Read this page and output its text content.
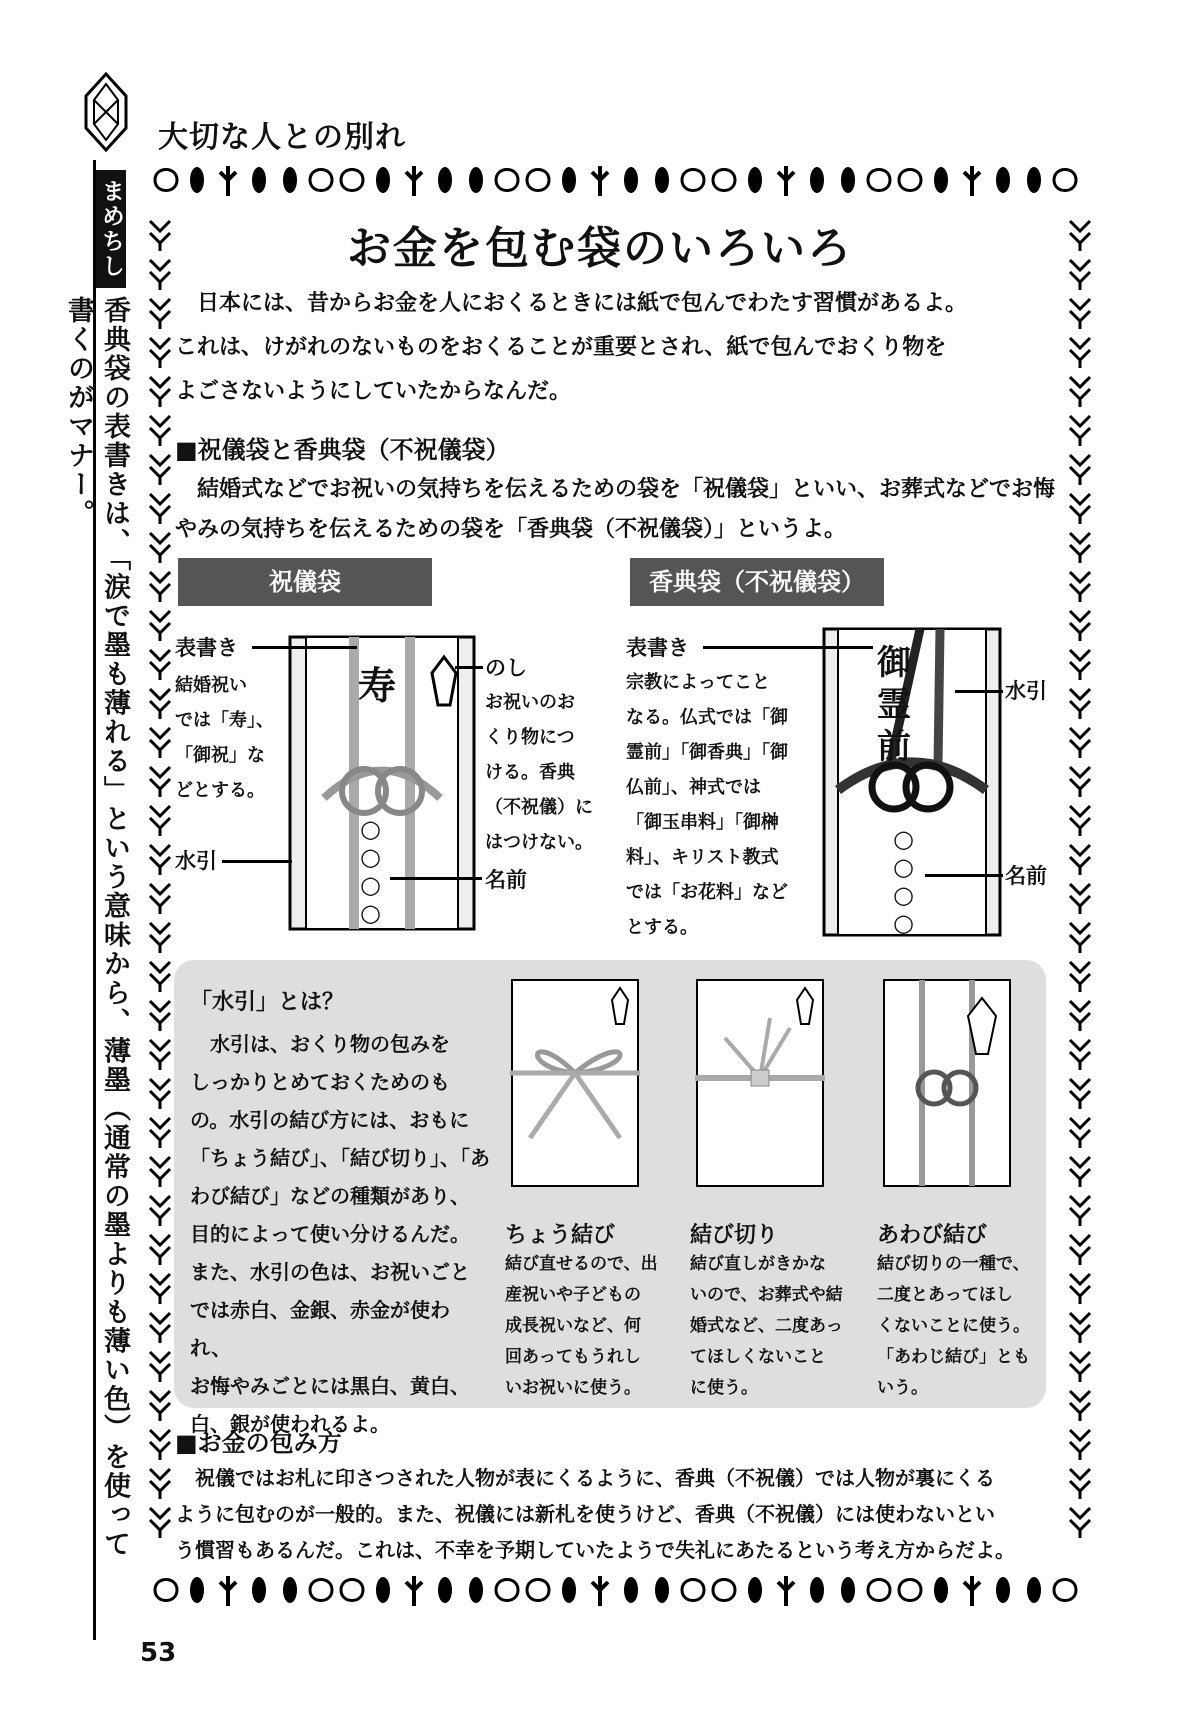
大切な人との別れ
まめちしき
香典袋の表書きは、「涙で墨も薄れる」という意味から、薄墨（通常の墨よりも薄い色）を使って書くのがマナー。
お金を包む袋のいろいろ
日本には、昔からお金を人におくるときには紙で包んでわたす習慣があるよ。
これは、けがれのないものをおくることが重要とされ、紙で包んでおくり物を
よごさないようにしていたからなんだ。
■祝儀袋と香典袋（不祝儀袋）
結婚式などでお祝いの気持ちを伝えるための袋を「祝儀袋」といい、お葬式などでお悔
やみの気持ちを伝えるための袋を「香典袋（不祝儀袋）」というよ。
祝儀袋	香典袋（不祝儀袋）
寿
○
○
○
○
表書き
結婚祝い
では「寿」、
「御祝」な
どとする。
のし
お祝いのお
くり物につ
ける。香典
（不祝儀）に
はつけない。
水引
名前
御
霊
前
○
○
○
○
表書き
宗教によってこと
なる。仏式では「御
霊前」「御香典」「御
仏前」、神式では
「御玉串料」「御榊
料」、キリスト教式
では「お花料」など
とする。
水引
名前
「水引」とは？
水引は、おくり物の包みを
しっかりとめておくためのも
の。水引の結び方には、おもに
「ちょう結び」、「結び切り」、「あ
わび結び」などの種類があり、
目的によって使い分けるんだ。
また、水引の色は、お祝いごと
では赤白、金銀、赤金が使われ、
お悔やみごとには黒白、黄白、
白、銀が使われるよ。
ちょう結び
結び直せるので、出
産祝いや子どもの
成長祝いなど、何
回あってもうれし
いお祝いに使う。
結び切り
結び直しがきかな
いので、お葬式や結
婚式など、二度あっ
てほしくないこと
に使う。
あわび結び
結び切りの一種で、
二度とあってほし
くないことに使う。
「あわじ結び」とも
いう。
■お金の包み方
祝儀ではお札に印さつされた人物が表にくるように、香典（不祝儀）では人物が裏にくる
ように包むのが一般的。また、祝儀には新札を使うけど、香典（不祝儀）には使わないとい
う慣習もあるんだ。これは、不幸を予期していたようで失礼にあたるという考え方からだよ。
53
